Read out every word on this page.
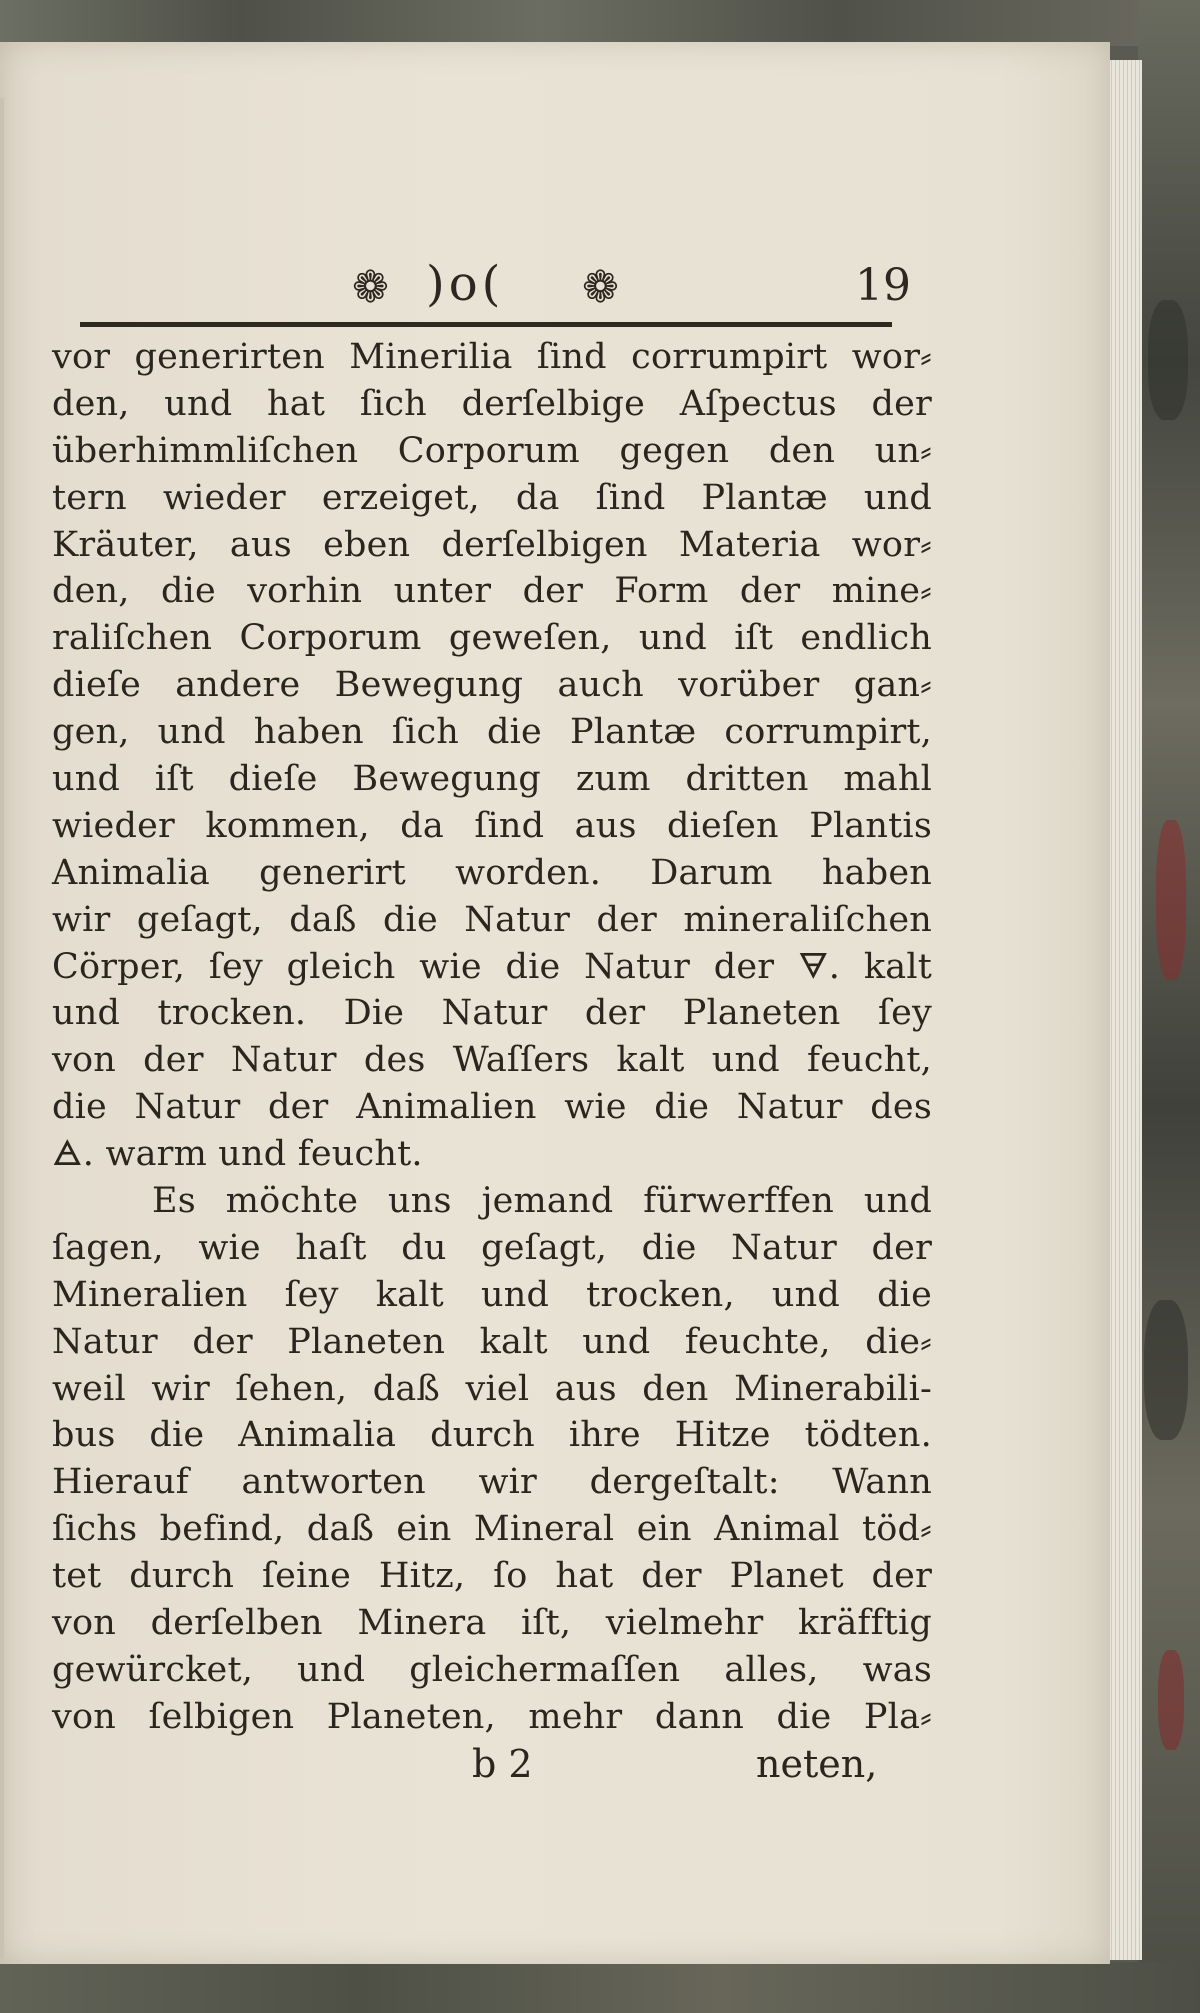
❁ )o( ❁	19
vor generirten Minerilia ſind corrumpirt wor⸗
den, und hat ſich derſelbige Aſpectus der
überhimmliſchen Corporum gegen den un⸗
tern wieder erzeiget, da ſind Plantæ und
Kräuter, aus eben derſelbigen Materia wor⸗
den, die vorhin unter der Form der mine⸗
raliſchen Corporum geweſen, und iſt endlich
dieſe andere Bewegung auch vorüber gan⸗
gen, und haben ſich die Plantæ corrumpirt,
und iſt dieſe Bewegung zum dritten mahl
wieder kommen, da ſind aus dieſen Plantis
Animalia generirt worden. Darum haben
wir geſagt, daß die Natur der mineraliſchen
Cörper, ſey gleich wie die Natur der 🜃. kalt
und trocken. Die Natur der Planeten ſey
von der Natur des Waſſers kalt und feucht,
die Natur der Animalien wie die Natur des
🜁. warm und feucht.
Es möchte uns jemand fürwerffen und
ſagen, wie haſt du geſagt, die Natur der
Mineralien ſey kalt und trocken, und die
Natur der Planeten kalt und feuchte, die⸗
weil wir ſehen, daß viel aus den Minerabili-
bus die Animalia durch ihre Hitze tödten.
Hierauf antworten wir dergeſtalt: Wann
ſichs befind, daß ein Mineral ein Animal töd⸗
tet durch ſeine Hitz, ſo hat der Planet der
von derſelben Minera iſt, vielmehr kräfftig
gewürcket, und gleichermaſſen alles, was
von ſelbigen Planeten, mehr dann die Pla⸗
b 2	neten,
